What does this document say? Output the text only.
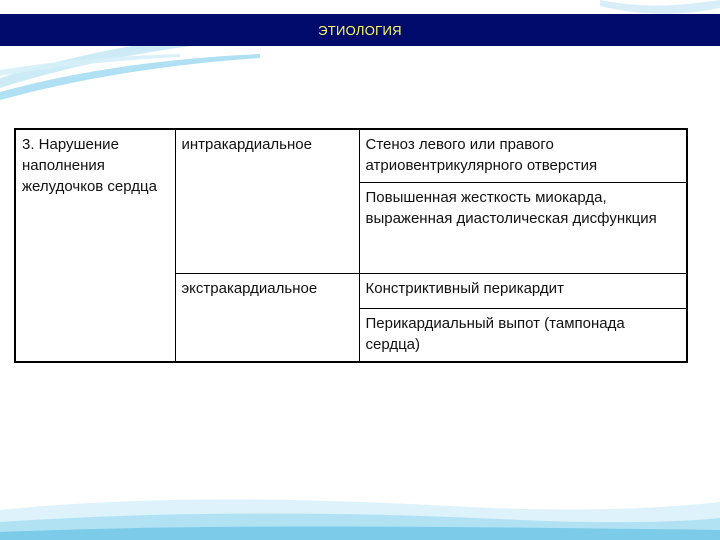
ЭТИОЛОГИЯ
3. Нарушение наполнения желудочков сердца	интракардиальное	Стеноз левого или правого атриовентрикулярного отверстия
		Повышенная жесткость миокарда, выраженная диастолическая дисфункция
	экстракардиальное	Констриктивный перикардит
		Перикардиальный выпот (тампонада сердца)
